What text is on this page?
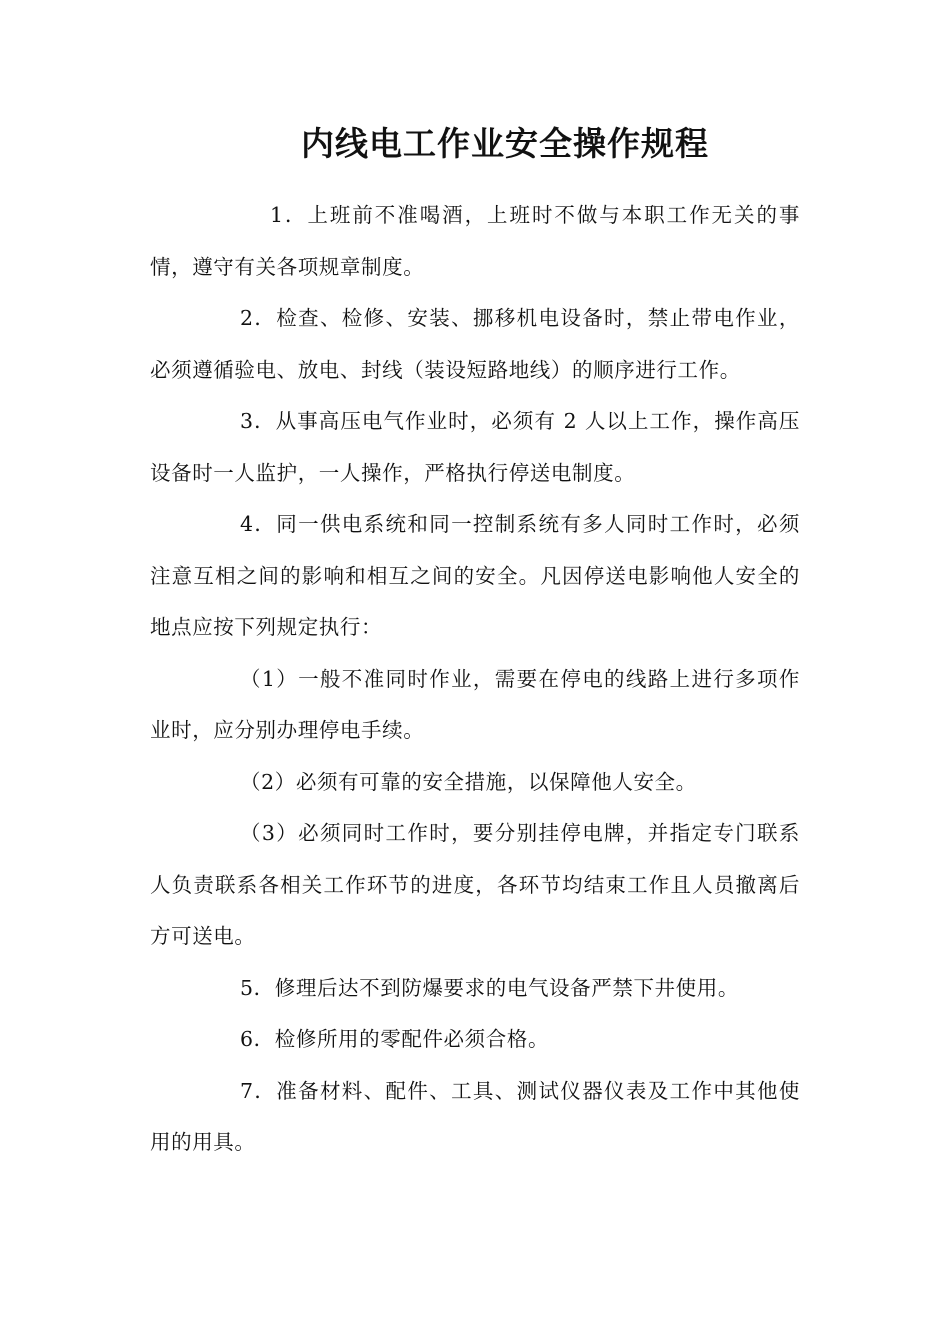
内线电工作业安全操作规程

1．上班前不准喝酒，上班时不做与本职工作无关的事情，遵守有关各项规章制度。

2．检查、检修、安装、挪移机电设备时，禁止带电作业，必须遵循验电、放电、封线（装设短路地线）的顺序进行工作。

3．从事高压电气作业时，必须有 2 人以上工作，操作高压设备时一人监护，一人操作，严格执行停送电制度。

4．同一供电系统和同一控制系统有多人同时工作时，必须注意互相之间的影响和相互之间的安全。凡因停送电影响他人安全的地点应按下列规定执行：

（1）一般不准同时作业，需要在停电的线路上进行多项作业时，应分别办理停电手续。

（2）必须有可靠的安全措施，以保障他人安全。

（3）必须同时工作时，要分别挂停电牌，并指定专门联系人负责联系各相关工作环节的进度，各环节均结束工作且人员撤离后方可送电。

5．修理后达不到防爆要求的电气设备严禁下井使用。

6．检修所用的零配件必须合格。

7．准备材料、配件、工具、测试仪器仪表及工作中其他使用的用具。
